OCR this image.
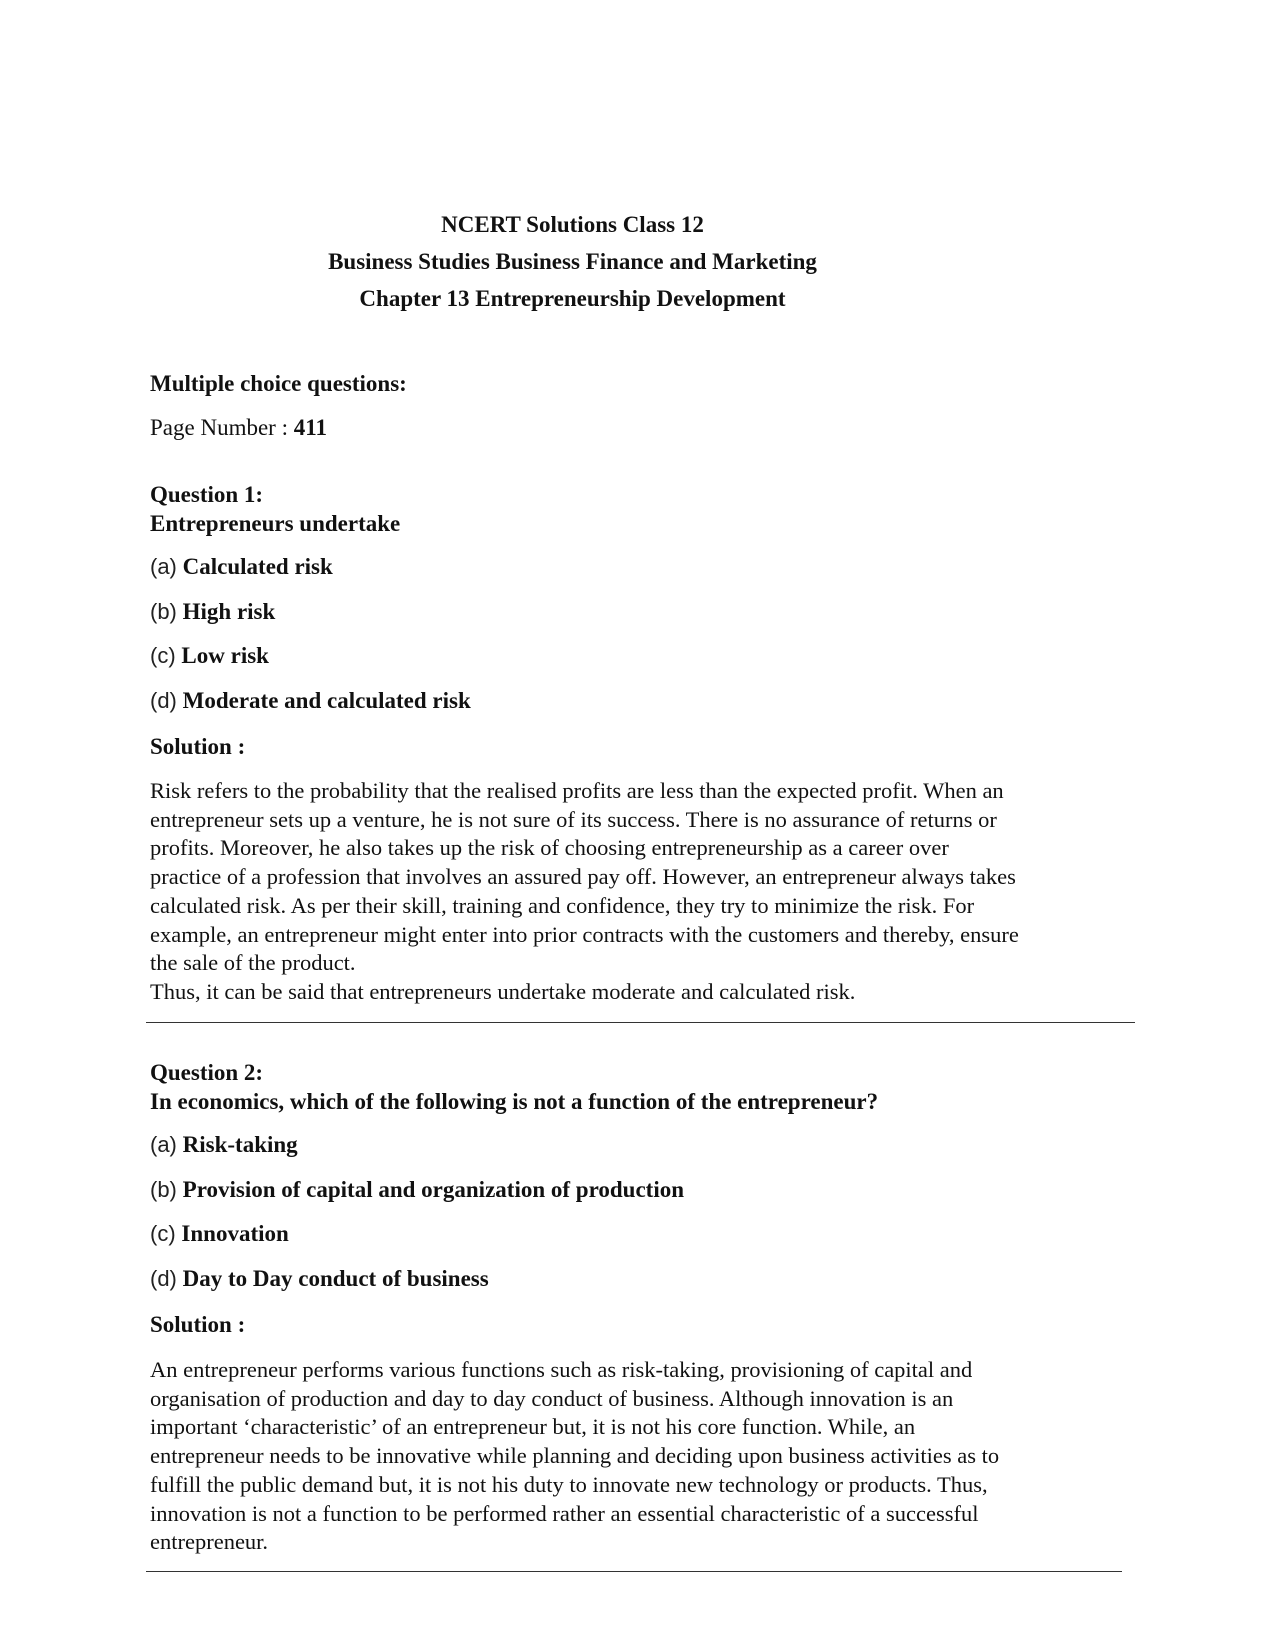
NCERT Solutions Class 12
Business Studies Business Finance and Marketing
Chapter 13 Entrepreneurship Development
Multiple choice questions:
Page Number : 411
Question 1:
Entrepreneurs undertake
(a) Calculated risk
(b) High risk
(c) Low risk
(d) Moderate and calculated risk
Solution :
Risk refers to the probability that the realised profits are less than the expected profit. When an
entrepreneur sets up a venture, he is not sure of its success. There is no assurance of returns or
profits. Moreover, he also takes up the risk of choosing entrepreneurship as a career over
practice of a profession that involves an assured pay off. However, an entrepreneur always takes
calculated risk. As per their skill, training and confidence, they try to minimize the risk. For
example, an entrepreneur might enter into prior contracts with the customers and thereby, ensure
the sale of the product.
Thus, it can be said that entrepreneurs undertake moderate and calculated risk.
Question 2:
In economics, which of the following is not a function of the entrepreneur?
(a) Risk-taking
(b) Provision of capital and organization of production
(c) Innovation
(d) Day to Day conduct of business
Solution :
An entrepreneur performs various functions such as risk-taking, provisioning of capital and
organisation of production and day to day conduct of business. Although innovation is an
important ‘characteristic’ of an entrepreneur but, it is not his core function. While, an
entrepreneur needs to be innovative while planning and deciding upon business activities as to
fulfill the public demand but, it is not his duty to innovate new technology or products. Thus,
innovation is not a function to be performed rather an essential characteristic of a successful
entrepreneur.
